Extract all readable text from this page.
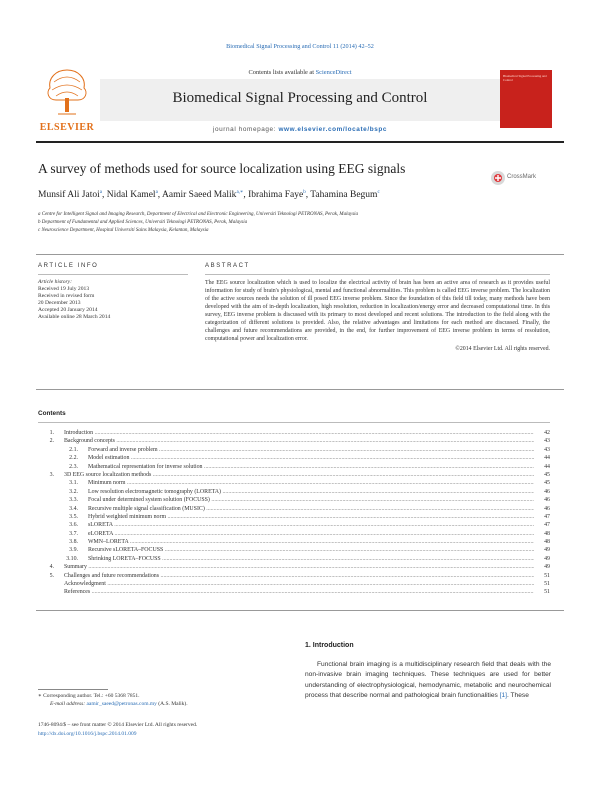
Biomedical Signal Processing and Control 11 (2014) 42–52
ELSEVIER
Contents lists available at ScienceDirect
Biomedical Signal Processing and Control
journal homepage: www.elsevier.com/locate/bspc
Biomedical Signal Processing and Control
A survey of methods used for source localization using EEG signals
CrossMark
Munsif Ali Jatoi$^a$, Nidal Kamel$^a$, Aamir Saeed Malik$^{a,∗}$, Ibrahima Faye$^b$, Tahamina Begum$^c$
a Centre for Intelligent Signal and Imaging Research, Department of Electrical and Electronic Engineering, Universiti Teknologi PETRONAS, Perak, Malaysia
b Department of Fundamental and Applied Sciences, Universiti Teknologi PETRONAS, Perak, Malaysia
c Neuroscience Department, Hospital Universiti Sains Malaysia, Kelantan, Malaysia
ARTICLE INFO	ABSTRACT
Article history:
Received 19 July 2013
Received in revised form
20 December 2013
Accepted 20 January 2014
Available online 28 March 2014
The EEG source localization which is used to localize the electrical activity of brain has been an active area of research as it provides useful information for study of brain's physiological, mental and functional abnormalities. This problem is called EEG inverse problem. The localization of the active sources needs the solution of ill posed EEG inverse problem. Since the foundation of this field till today, many methods have been developed with the aim of in-depth localization, high resolution, reduction in localization/energy error and decreased computational time. In this survey, EEG inverse problem is discussed with its primary to most developed and recent solutions. The introduction to the field along with the categorization of different solutions is provided. Also, the relative advantages and limitations for each method are discussed. Finally, the challenges and future recommendations are provided, in the end, for further improvement of EEG inverse problem in terms of resolution, computational power and localization error.
©2014 Elsevier Ltd. All rights reserved.
Contents
1. Introduction .....	42
2. Background concepts .....	43
2.1. Forward and inverse problem .....	43
2.2. Model estimation .....	44
2.3. Mathematical representation for inverse solution .....	44
3. 3D EEG source localization methods .....	45
3.1. Minimum norm .....	45
3.2. Low resolution electromagnetic tomography (LORETA) .....	46
3.3. Focal under determined system solution (FOCUSS) .....	46
3.4. Recursive multiple signal classification (MUSIC) .....	46
3.5. Hybrid weighted minimum norm .....	47
3.6. sLORETA .....	47
3.7. eLORETA .....	48
3.8. WMN–LORETA .....	48
3.9. Recursive sLORETA–FOCUSS .....	49
3.10. Shrinking LORETA–FOCUSS .....	49
4. Summary .....	49
5. Challenges and future recommendations .....	51
Acknowledgment .....	51
References .....	51
1. Introduction
Functional brain imaging is a multidisciplinary research field that deals with the non-invasive brain imaging techniques. These techniques are used for better understanding of electrophysiological, hemodynamic, metabolic and neurochemical process that describe normal and pathological brain functionalities [1]. These
∗ Corresponding author. Tel.: +60 5368 7851.
E-mail address: aamir_saeed@petronas.com.my (A.S. Malik).
1746-8094/$ – see front matter © 2014 Elsevier Ltd. All rights reserved.
http://dx.doi.org/10.1016/j.bspc.2014.01.009
